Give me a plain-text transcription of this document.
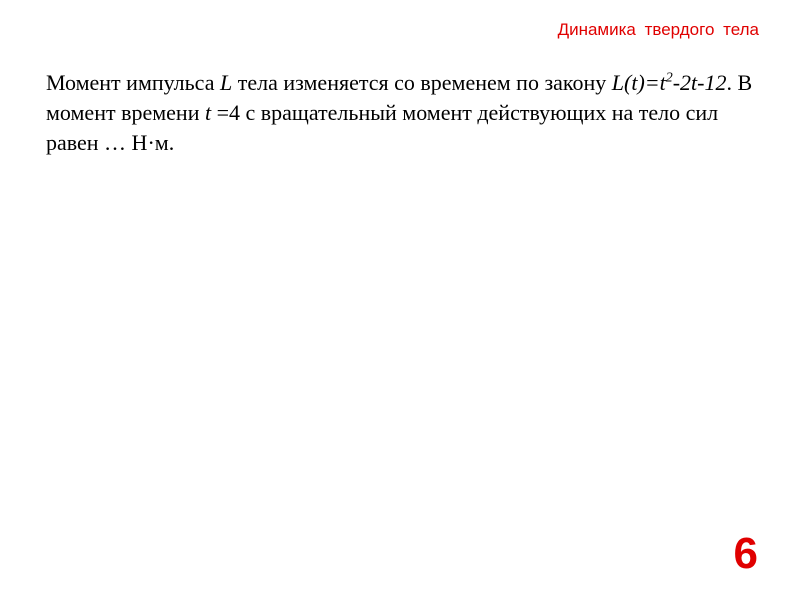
Динамика твердого тела

Момент импульса L тела изменяется со временем по закону $L(t)=t^2-2t-12$. В момент времени t =4 с вращательный момент действующих на тело сил равен … Н·м.

6
